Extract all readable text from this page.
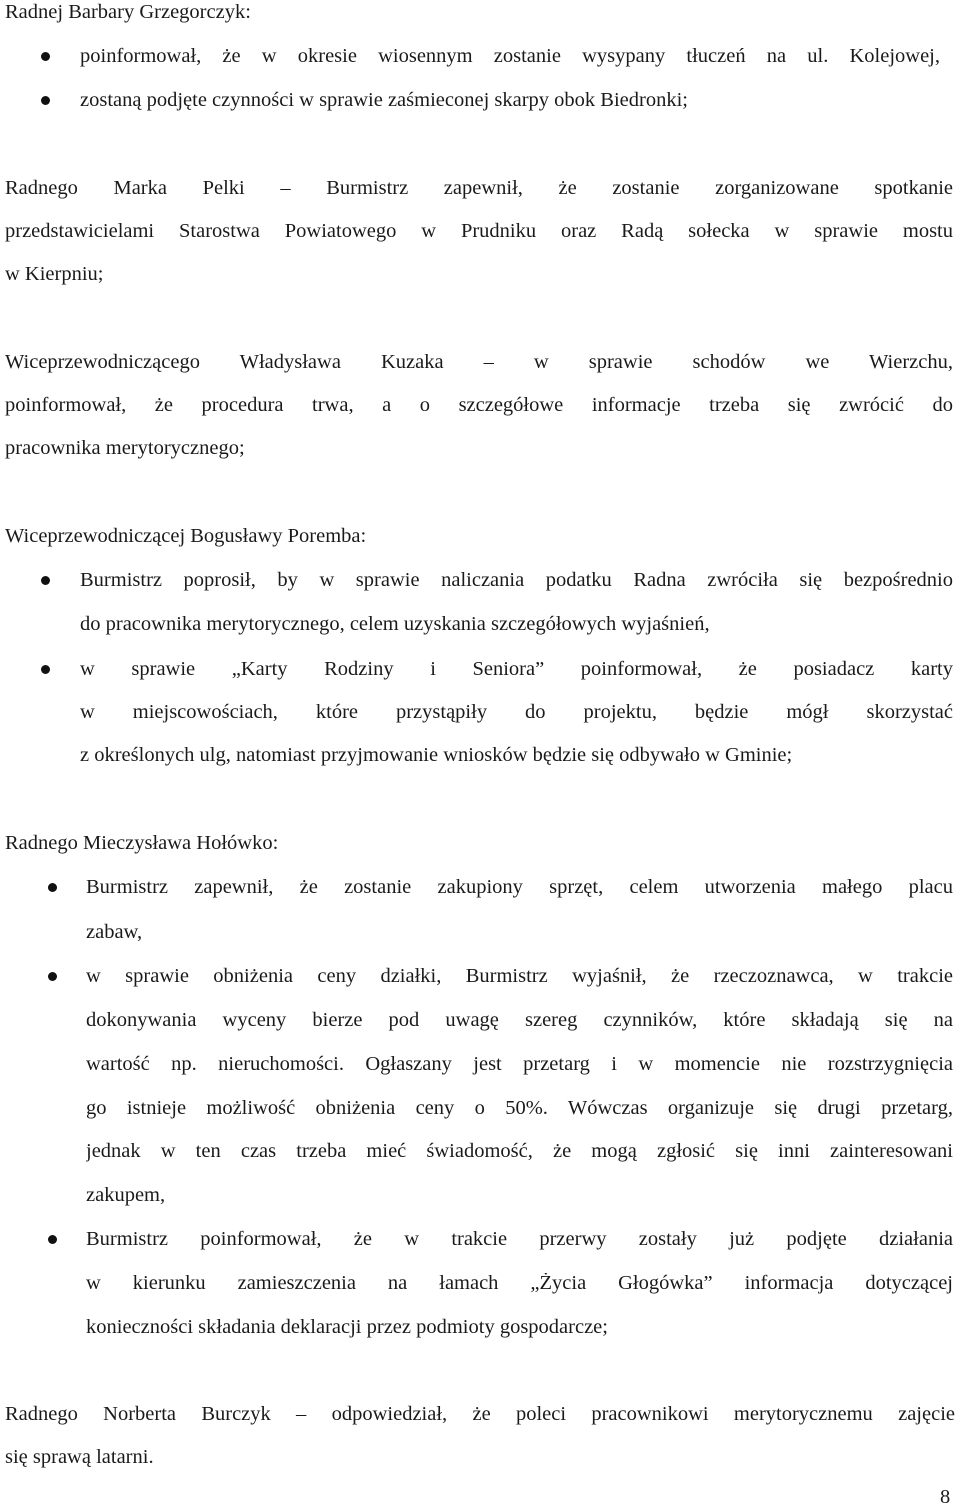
Radnej Barbary Grzegorczyk:
poinformował, że w okresie wiosennym zostanie wysypany tłuczeń na ul. Kolejowej,
zostaną podjęte czynności w sprawie zaśmieconej skarpy obok Biedronki;
Radnego Marka Pelki – Burmistrz zapewnił, że zostanie zorganizowane spotkanie
przedstawicielami Starostwa Powiatowego w Prudniku oraz Radą sołecka w sprawie mostu
w Kierpniu;
Wiceprzewodniczącego Władysława Kuzaka – w sprawie schodów we Wierzchu,
poinformował, że procedura trwa, a o szczegółowe informacje trzeba się zwrócić do
pracownika merytorycznego;
Wiceprzewodniczącej Bogusławy Poremba:
Burmistrz poprosił, by w sprawie naliczania podatku Radna zwróciła się bezpośrednio
do pracownika merytorycznego, celem uzyskania szczegółowych wyjaśnień,
w sprawie „Karty Rodziny i Seniora” poinformował, że posiadacz karty
w miejscowościach, które przystąpiły do projektu, będzie mógł skorzystać
z określonych ulg, natomiast przyjmowanie wniosków będzie się odbywało w Gminie;
Radnego Mieczysława Hołówko:
Burmistrz zapewnił, że zostanie zakupiony sprzęt, celem utworzenia małego placu
zabaw,
w sprawie obniżenia ceny działki, Burmistrz wyjaśnił, że rzeczoznawca, w trakcie
dokonywania wyceny bierze pod uwagę szereg czynników, które składają się na
wartość np. nieruchomości. Ogłaszany jest przetarg i w momencie nie rozstrzygnięcia
go istnieje możliwość obniżenia ceny o 50%. Wówczas organizuje się drugi przetarg,
jednak w ten czas trzeba mieć świadomość, że mogą zgłosić się inni zainteresowani
zakupem,
Burmistrz poinformował, że w trakcie przerwy zostały już podjęte działania
w kierunku zamieszczenia na łamach „Życia Głogówka” informacja dotyczącej
konieczności składania deklaracji przez podmioty gospodarcze;
Radnego Norberta Burczyk – odpowiedział, że poleci pracownikowi merytorycznemu zajęcie
się sprawą latarni.
8
